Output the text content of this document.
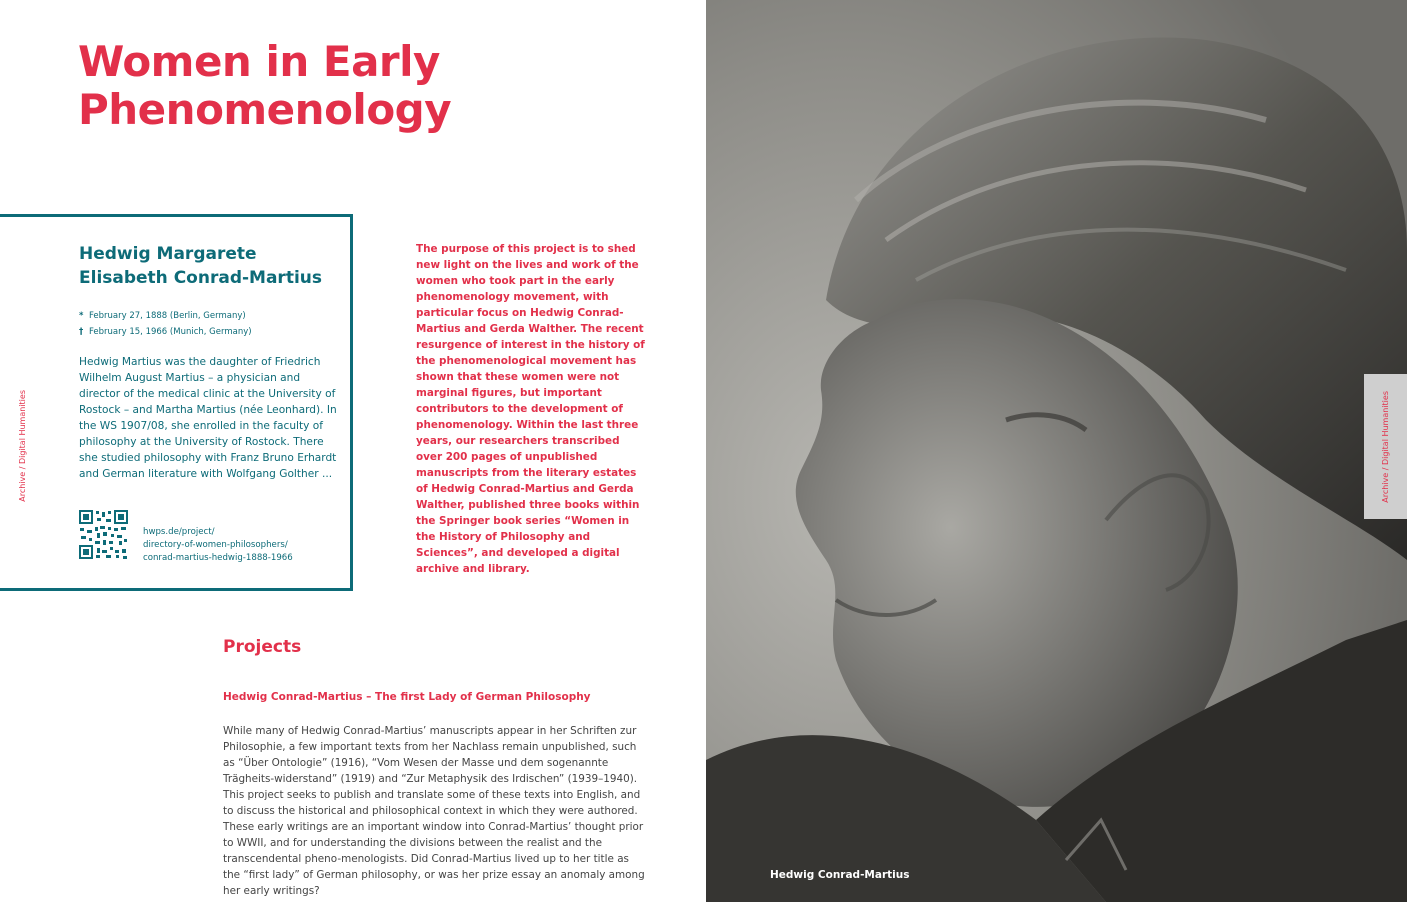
Women in Early Phenomenology
Archive / Digital Humanities
Hedwig Margarete Elisabeth Conrad-Martius
* February 27, 1888 (Berlin, Germany)
† February 15, 1966 (Munich, Germany)

Hedwig Martius was the daughter of Friedrich Wilhelm August Martius – a physician and director of the medical clinic at the University of Rostock – and Martha Martius (née Leonhard). In the WS 1907/08, she enrolled in the faculty of philosophy at the University of Rostock. There she studied philosophy with Franz Bruno Erhardt and German literature with Wolfgang Golther ...

hwps.de/project/
directory-of-women-philosophers/
conrad-martius-hedwig-1888-1966

The purpose of this project is to shed new light on the lives and work of the women who took part in the early phenomenology movement, with particular focus on Hedwig Conrad-Martius and Gerda Walther. The recent resurgence of interest in the history of the phenomenological movement has shown that these women were not marginal figures, but important contributors to the development of phenomenology. Within the last three years, our researchers transcribed over 200 pages of unpublished manuscripts from the literary estates of Hedwig Conrad-Martius and Gerda Walther, published three books within the Springer book series “Women in the History of Philosophy and Sciences”, and developed a digital archive and library.

Projects
Hedwig Conrad-Martius – The first Lady of German Philosophy

While many of Hedwig Conrad-Martius’ manuscripts appear in her Schriften zur Philosophie, a few important texts from her Nachlass remain unpublished, such as “Über Ontologie” (1916), “Vom Wesen der Masse und dem sogenannte Trägheits-widerstand” (1919) and “Zur Metaphysik des Irdischen” (1939–1940). This project seeks to publish and translate some of these texts into English, and to discuss the historical and philosophical context in which they were authored. These early writings are an important window into Conrad-Martius’ thought prior to WWII, and for understanding the divisions between the realist and the transcendental pheno-menologists. Did Conrad-Martius lived up to her title as the “first lady” of German philosophy, or was her prize essay an anomaly among her early writings?

Hedwig Conrad-Martius
Archive / Digital Humanities
